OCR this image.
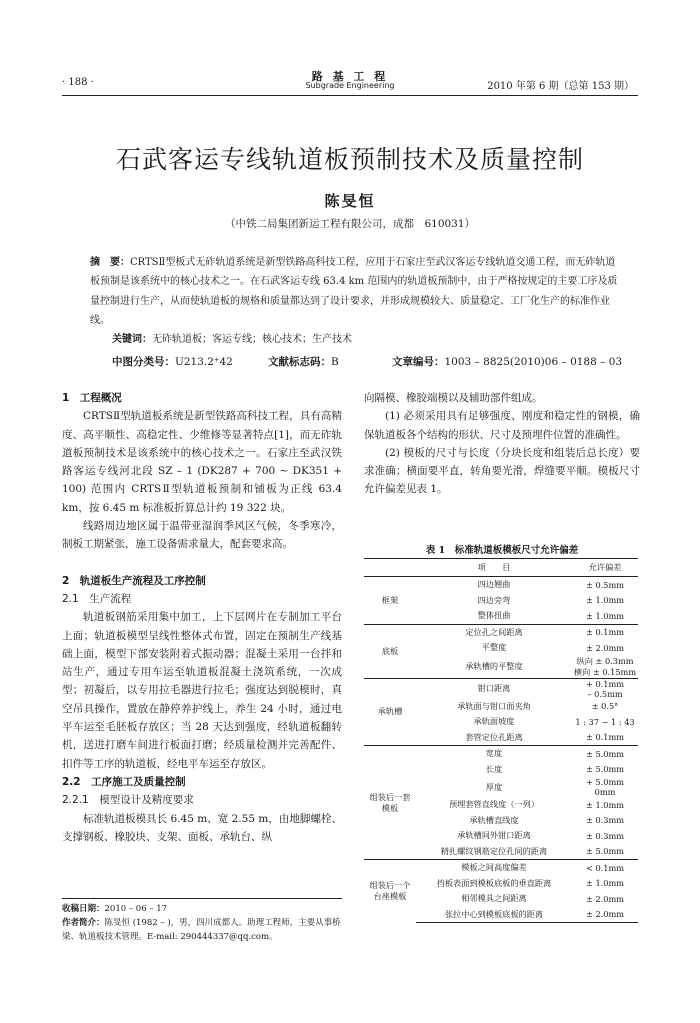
路 基 工 程
Subgrade Engineering
· 188 ·	2010 年第 6 期（总第 153 期）
石武客运专线轨道板预制技术及质量控制
陈旻恒
（中铁二局集团新运工程有限公司，成都　610031）
摘　要：CRTSⅡ型板式无砟轨道系统是新型铁路高科技工程，应用于石家庄至武汉客运专线轨道交通工程，而无砟轨道板预制是该系统中的核心技术之一。在石武客运专线 63.4 km 范围内的轨道板预制中，由于严格按规定的主要工序及质量控制进行生产，从而使轨道板的规格和质量都达到了设计要求，并形成规模较大、质量稳定、工厂化生产的标准作业线。
关键词：无砟轨道板；客运专线；核心技术；生产技术
中图分类号：U213.2⁺42	文献标志码：B	文章编号：1003 – 8825(2010)06 – 0188 – 03

1　工程概况

CRTSⅡ型轨道板系统是新型铁路高科技工程，具有高精度、高平顺性、高稳定性、少维修等显著特点[1]，而无砟轨道板预制技术是该系统中的核心技术之一。石家庄至武汉铁路客运专线河北段 SZ – 1 (DK287 + 700 ~ DK351 + 100) 范围内 CRTSⅡ型轨道板预制和铺板为正线 63.4 km，按 6.45 m 标准板折算总计约 19 322 块。

线路周边地区属于温带亚湿润季风区气候，冬季寒冷，制板工期紧张，施工设备需求量大，配套要求高。

2　轨道板生产流程及工序控制

2.1　生产流程

轨道板钢筋采用集中加工，上下层网片在专制加工平台上面；轨道板模型呈线性整体式布置，固定在预制生产线基础上面，模型下部安装附着式振动器；混凝土采用一台拌和站生产，通过专用车运至轨道板混凝土浇筑系统，一次成型；初凝后，以专用拉毛器进行拉毛；强度达到脱模时，真空吊具操作，置放在静停养护线上，养生 24 小时，通过电平车运至毛胚板存放区；当 28 天达到强度，经轨道板翻转机，送进打磨车间进行板面打磨；经质量检测并完善配件、扣件等工序的轨道板，经电平车运至存放区。

2.2　工序施工及质量控制

2.2.1　模型设计及精度要求

标准轨道板模具长 6.45 m、宽 2.55 m，由地脚螺栓、支撑钢板、橡胶块、支架、面板、承轨台、纵

收稿日期：2010 – 06 – 17
作者简介：陈旻恒 (1982 – )，男，四川成都人。助理工程师，主要从事桥梁、轨道板技术管理。E-mail: 290444337@qq.com。

向隔模、橡胶端模以及辅助部件组成。

(1) 必须采用具有足够强度、刚度和稳定性的钢模，确保轨道板各个结构的形状、尺寸及预埋件位置的准确性。

(2) 模板的尺寸与长度（分块长度和组装后总长度）要求准确；横面要平直，转角要光滑，焊缝要平顺。模板尺寸允许偏差见表 1。

表 1　标准轨道板模板尺寸允许偏差
	项　　目	允许偏差
框架	四边翘曲	± 0.5mm

	四边旁弯	± 1.0mm

	整体扭曲	± 1.0mm

底板	定位孔之间距离	± 0.1mm

	平整度	± 2.0mm

	承轨槽的平整度	纵向 ± 0.3mm
横向 ± 0.15mm

承轨槽	钳口距离	+ 0.1mm
– 0.5mm

	承轨面与钳口面夹角	± 0.5°

	承轨面坡度	1 : 37 ~ 1 : 43

	套管定位孔距离	± 0.1mm

组装后一套模板	宽度	± 5.0mm

	长度	± 5.0mm

	厚度	+ 5.0mm
0mm

	预埋套管直线度（一列）	± 1.0mm

	承轨槽直线度	± 0.3mm

	承轨槽间外钳口距离	± 0.3mm

	精扎螺纹钢筋定位孔间的距离	± 5.0mm

组装后一个台座模板	模板之间高度偏差	< 0.1mm

	挡板表面到模板底板的垂直距离	± 1.0mm

	相邻模具之间距离	± 2.0mm

	张拉中心到模板底板的距离	± 2.0mm
